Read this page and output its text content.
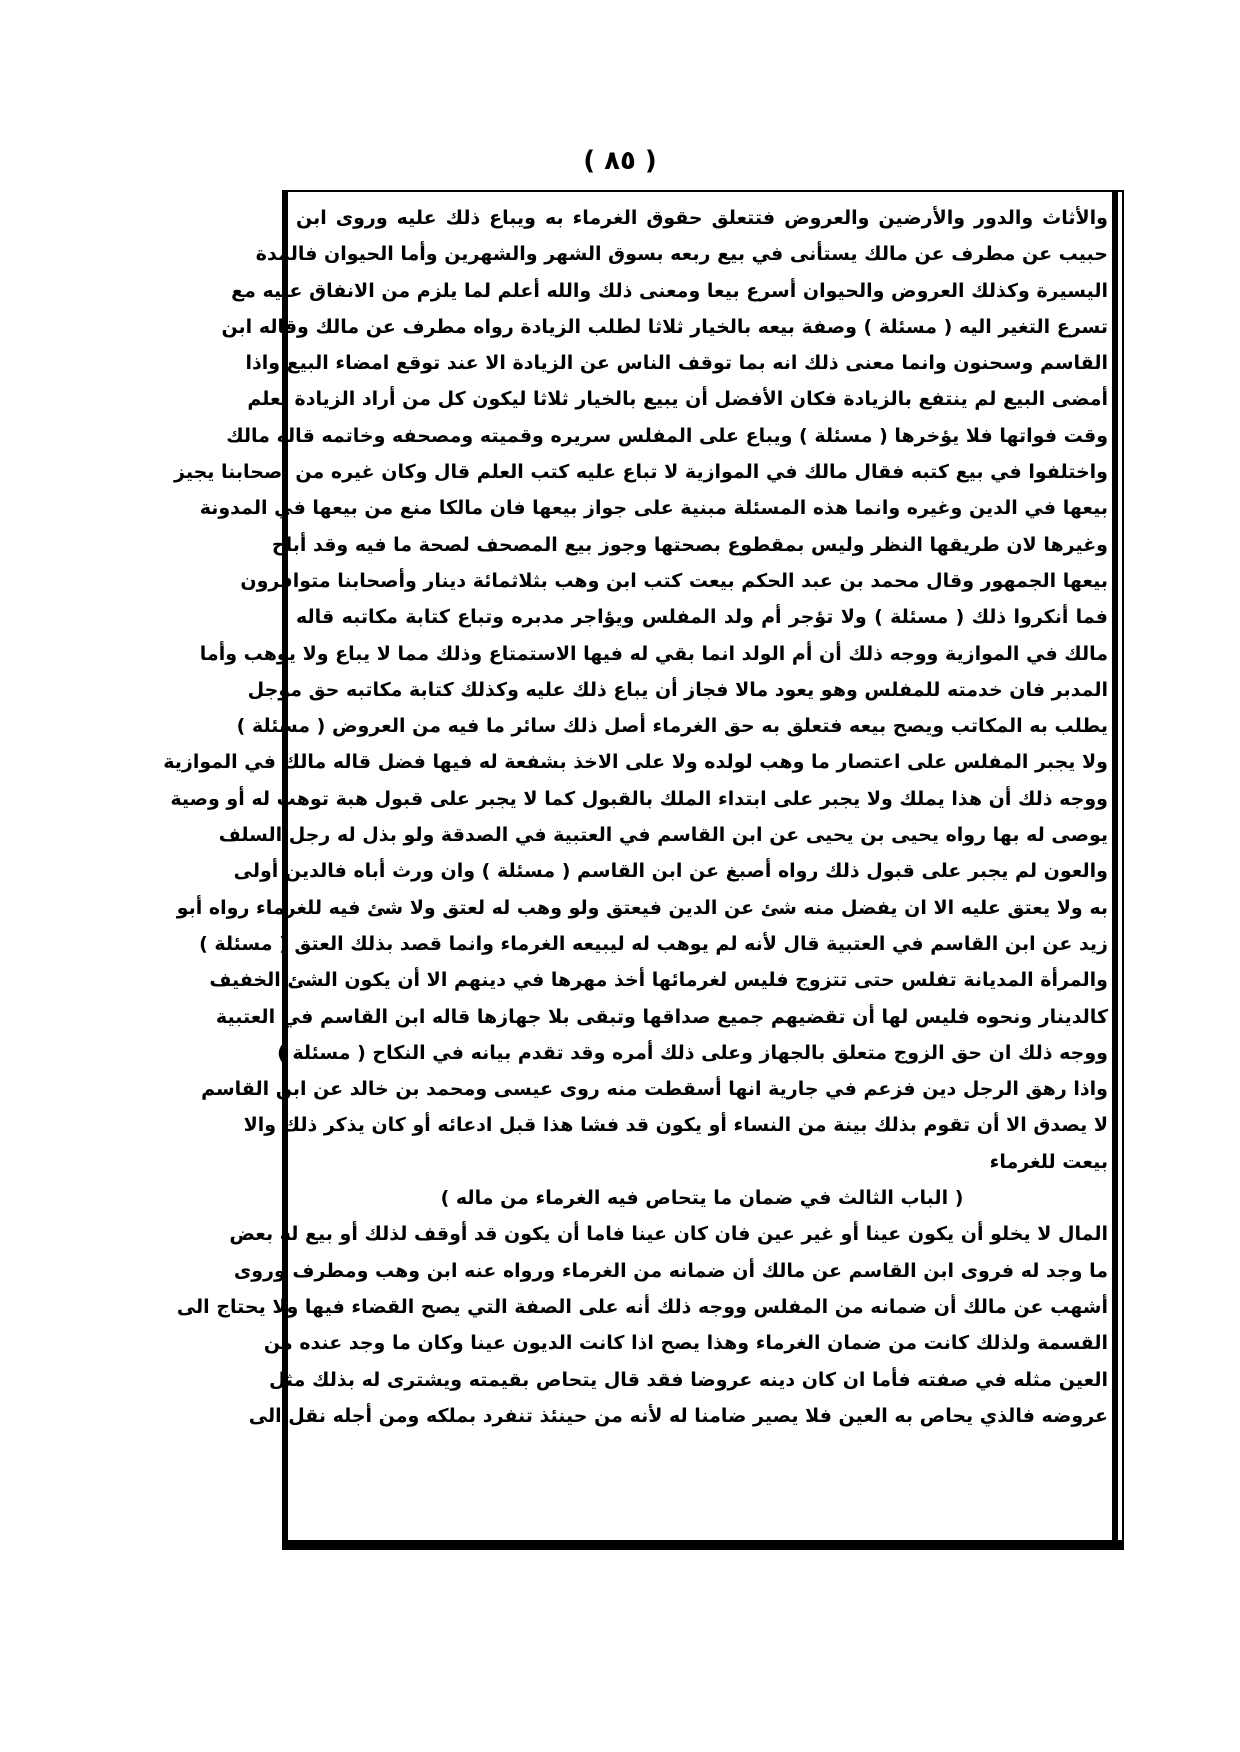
( ٨٥ )
والأثاث والدور والأرضين والعروض فتتعلق حقوق الغرماء به ويباع ذلك عليه وروى ابن
حبيب عن مطرف عن مالك يستأنى في بيع ربعه بسوق الشهر والشهرين وأما الحيوان فالمدة
اليسيرة وكذلك العروض والحيوان أسرع بيعا ومعنى ذلك والله أعلم لما يلزم من الانفاق عليه مع
تسرع التغير اليه ( مسئلة ) وصفة بيعه بالخيار ثلاثا لطلب الزيادة رواه مطرف عن مالك وقاله ابن
القاسم وسحنون وانما معنى ذلك انه بما توقف الناس عن الزيادة الا عند توقع امضاء البيع واذا
أمضى البيع لم ينتفع بالزيادة فكان الأفضل أن يبيع بالخيار ثلاثا ليكون كل من أراد الزيادة يعلم
وقت فواتها فلا يؤخرها ( مسئلة ) ويباع على المفلس سريره وقميته ومصحفه وخاتمه قاله مالك
واختلفوا في بيع كتبه فقال مالك في الموازية لا تباع عليه كتب العلم قال وكان غيره من أصحابنا يجيز
بيعها في الدين وغيره وانما هذه المسئلة مبنية على جواز بيعها فان مالكا منع من بيعها في المدونة
وغيرها لان طريقها النظر وليس بمقطوع بصحتها وجوز بيع المصحف لصحة ما فيه وقد أباح
بيعها الجمهور وقال محمد بن عبد الحكم بيعت كتب ابن وهب بثلاثمائة دينار وأصحابنا متوافرون
فما أنكروا ذلك ( مسئلة ) ولا تؤجر أم ولد المفلس ويؤاجر مدبره وتباع كتابة مكاتبه قاله
مالك في الموازية ووجه ذلك أن أم الولد انما بقي له فيها الاستمتاع وذلك مما لا يباع ولا يوهب وأما
المدبر فان خدمته للمفلس وهو يعود مالا فجاز أن يباع ذلك عليه وكذلك كتابة مكاتبه حق مؤجل
يطلب به المكاتب ويصح بيعه فتعلق به حق الغرماء أصل ذلك سائر ما فيه من العروض ( مسئلة )
ولا يجبر المفلس على اعتصار ما وهب لولده ولا على الاخذ بشفعة له فيها فضل قاله مالك في الموازية
ووجه ذلك أن هذا يملك ولا يجبر على ابتداء الملك بالقبول كما لا يجبر على قبول هبة توهب له أو وصية
يوصى له بها رواه يحيى بن يحيى عن ابن القاسم في العتبية في الصدقة ولو بذل له رجل السلف
والعون لم يجبر على قبول ذلك رواه أصبغ عن ابن القاسم ( مسئلة ) وان ورث أباه فالدين أولى
به ولا يعتق عليه الا ان يفضل منه شئ عن الدين فيعتق ولو وهب له لعتق ولا شئ فيه للغرماء رواه أبو
زيد عن ابن القاسم في العتبية قال لأنه لم يوهب له ليبيعه الغرماء وانما قصد بذلك العتق ( مسئلة )
والمرأة المديانة تفلس حتى تتزوج فليس لغرمائها أخذ مهرها في دينهم الا أن يكون الشئ الخفيف
كالدينار ونحوه فليس لها أن تقضيهم جميع صداقها وتبقى بلا جهازها قاله ابن القاسم في العتبية
ووجه ذلك ان حق الزوج متعلق بالجهاز وعلى ذلك أمره وقد تقدم بيانه في النكاح ( مسئلة )
واذا رهق الرجل دين فزعم في جارية انها أسقطت منه روى عيسى ومحمد بن خالد عن ابن القاسم
لا يصدق الا أن تقوم بذلك بينة من النساء أو يكون قد فشا هذا قبل ادعائه أو كان يذكر ذلك والا
بيعت للغرماء
( الباب الثالث في ضمان ما يتحاص فيه الغرماء من ماله )
المال لا يخلو أن يكون عينا أو غير عين فان كان عينا فاما أن يكون قد أوقف لذلك أو بيع له بعض
ما وجد له فروى ابن القاسم عن مالك أن ضمانه من الغرماء ورواه عنه ابن وهب ومطرف وروى
أشهب عن مالك أن ضمانه من المفلس ووجه ذلك أنه على الصفة التي يصح القضاء فيها ولا يحتاج الى
القسمة ولذلك كانت من ضمان الغرماء وهذا يصح اذا كانت الديون عينا وكان ما وجد عنده من
العين مثله في صفته فأما ان كان دينه عروضا فقد قال يتحاص بقيمته ويشترى له بذلك مثل
عروضه فالذي يحاص به العين فلا يصير ضامنا له لأنه من حينئذ تنفرد بملكه ومن أجله نقل الى
